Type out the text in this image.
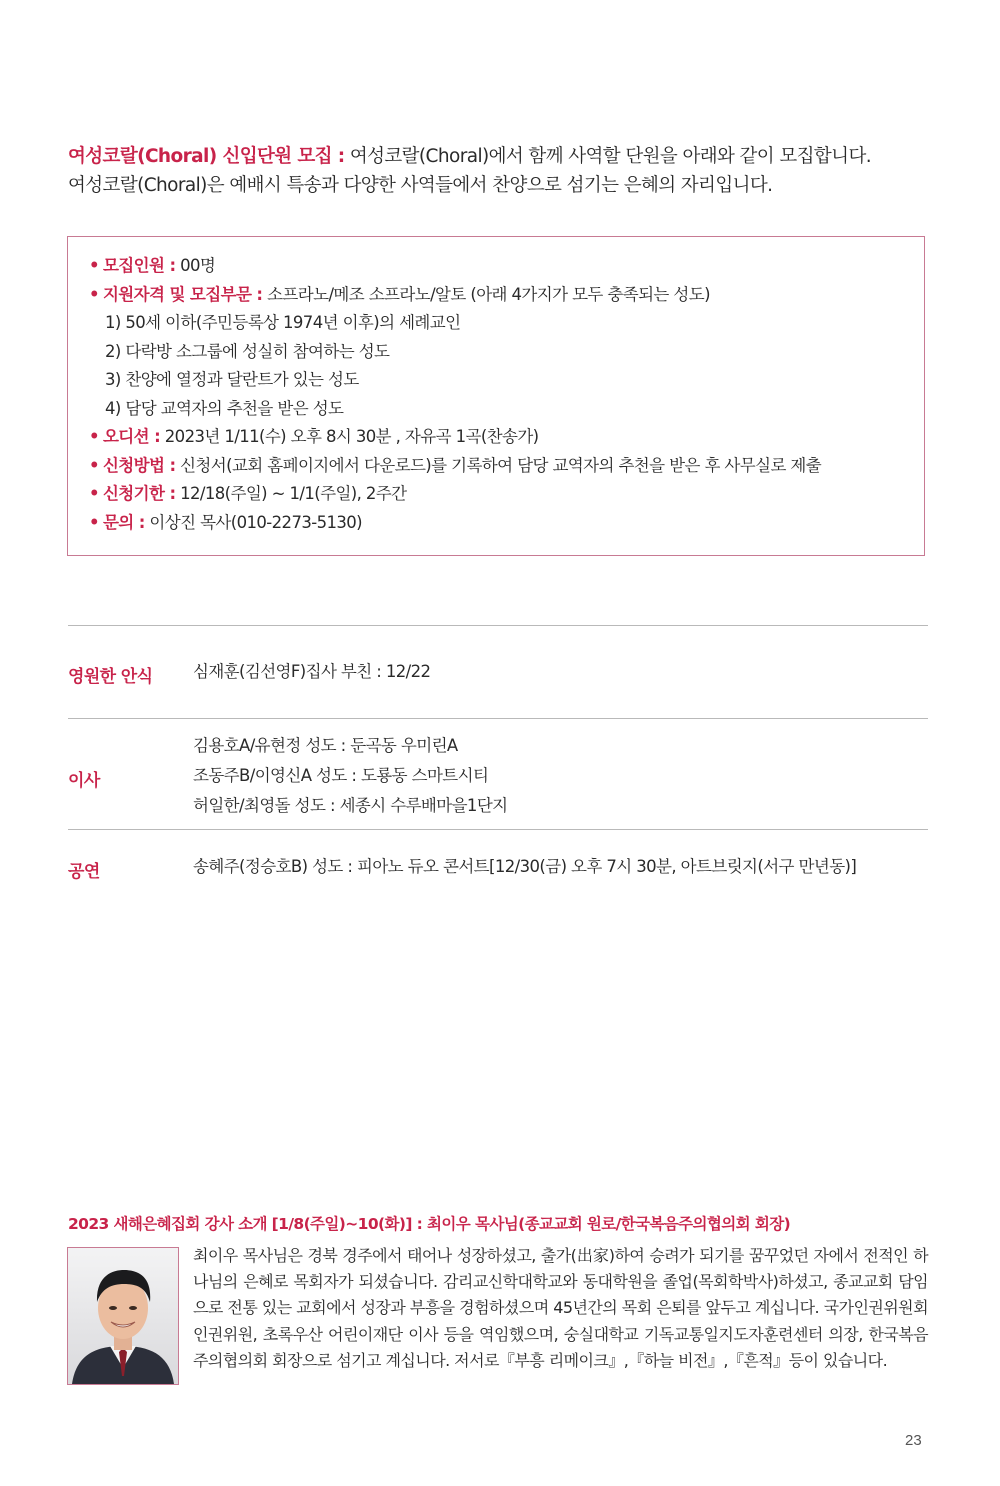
여성코랄(Choral) 신입단원 모집 : 여성코랄(Choral)에서 함께 사역할 단원을 아래와 같이 모집합니다.

여성코랄(Choral)은 예배시 특송과 다양한 사역들에서 찬양으로 섬기는 은혜의 자리입니다.

• 모집인원 : 00명
• 지원자격 및 모집부문 : 소프라노/메조 소프라노/알토 (아래 4가지가 모두 충족되는 성도)
1) 50세 이하(주민등록상 1974년 이후)의 세례교인
2) 다락방 소그룹에 성실히 참여하는 성도
3) 찬양에 열정과 달란트가 있는 성도
4) 담당 교역자의 추천을 받은 성도
• 오디션 : 2023년 1/11(수) 오후 8시 30분 , 자유곡 1곡(찬송가)
• 신청방법 : 신청서(교회 홈페이지에서 다운로드)를 기록하여 담당 교역자의 추천을 받은 후 사무실로 제출
• 신청기한 : 12/18(주일) ~ 1/1(주일), 2주간
• 문의 : 이상진 목사(010-2273-5130)
영원한 안식 심재훈(김선영F)집사 부친 : 12/22
이사
김용호A/유현정 성도 : 둔곡동 우미린A
조동주B/이영신A 성도 : 도룡동 스마트시티
허일한/최영돌 성도 : 세종시 수루배마을1단지
공연	송혜주(정승호B) 성도 : 피아노 듀오 콘서트[12/30(금) 오후 7시 30분, 아트브릿지(서구 만년동)]
2023 새해은혜집회 강사 소개 [1/8(주일)~10(화)] : 최이우 목사님(종교교회 원로/한국복음주의협의회 회장)
최이우 목사님은 경북 경주에서 태어나 성장하셨고, 출가(出家)하여 승려가 되기를 꿈꾸었던 자에서 전적인 하나님의 은혜로 목회자가 되셨습니다. 감리교신학대학교와 동대학원을 졸업(목회학박사)하셨고, 종교교회 담임으로 전통 있는 교회에서 성장과 부흥을 경험하셨으며 45년간의 목회 은퇴를 앞두고 계십니다. 국가인권위원회 인권위원, 초록우산 어린이재단 이사 등을 역임했으며, 숭실대학교 기독교통일지도자훈련센터 의장, 한국복음주의협의회 회장으로 섬기고 계십니다. 저서로『부흥 리메이크』,『하늘 비전』,『흔적』등이 있습니다.
23
